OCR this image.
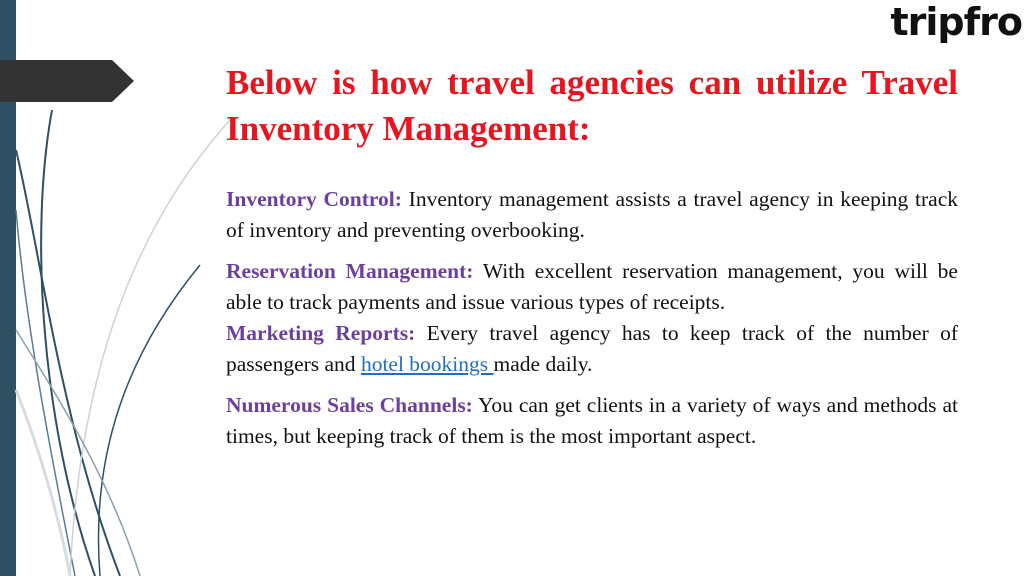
tripfro
Below is how travel agencies can utilize Travel Inventory Management:

Inventory Control: Inventory management assists a travel agency in keeping track of inventory and preventing overbooking.

Reservation Management: With excellent reservation management, you will be able to track payments and issue various types of receipts.

Marketing Reports: Every travel agency has to keep track of the number of passengers and hotel bookings made daily.

Numerous Sales Channels: You can get clients in a variety of ways and methods at times, but keeping track of them is the most important aspect.
